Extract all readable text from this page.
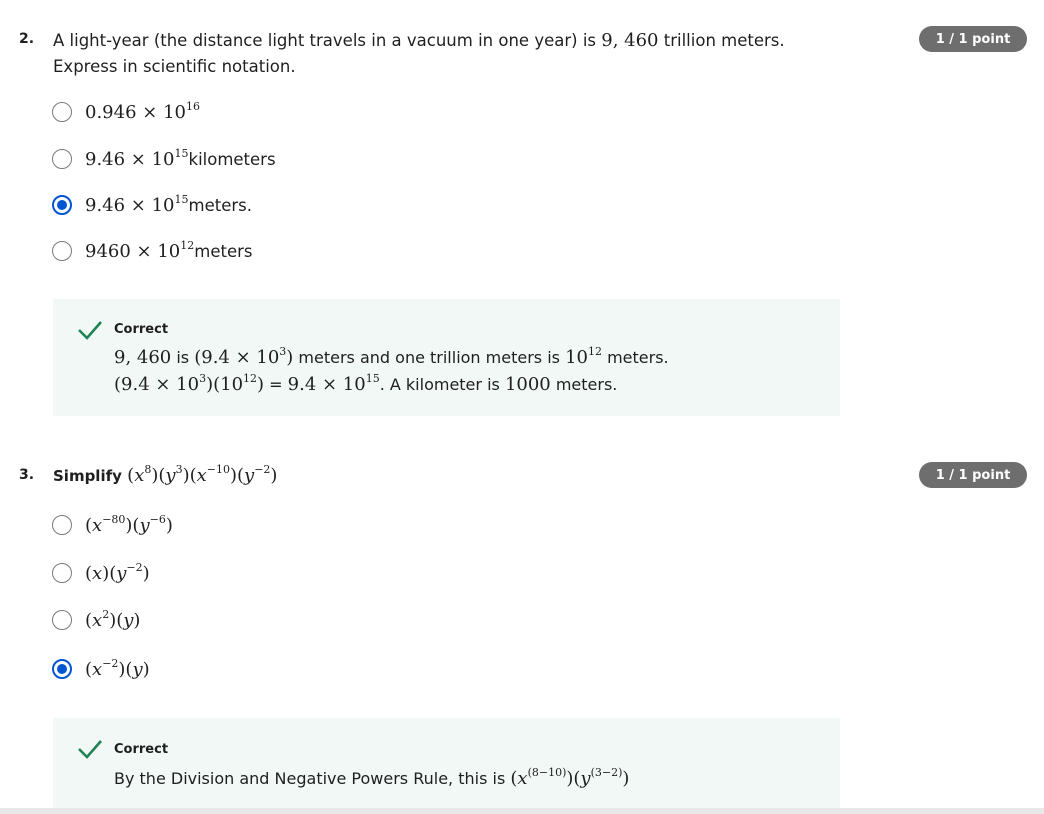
2. A light-year (the distance light travels in a vacuum in one year) is 9, 460 trillion meters.
Express in scientific notation.
1 / 1 point
$0.946 \times 10^{16}$
$9.46 \times 10^{15}$ kilometers
$9.46 \times 10^{15}$ meters.
$9460 \times 10^{12}$ meters
Correct
9, 460 is $(9.4 \times 10^3)$ meters and one trillion meters is $10^{12}$ meters.
$(9.4 \times 10^3)(10^{12}) = 9.4 \times 10^{15}$. A kilometer is 1000 meters.
3. Simplify $(x^8)(y^3)(x^{-10})(y^{-2})$	1 / 1 point
$(x^{-80})(y^{-6})$
$(x)(y^{-2})$
$(x^2)(y)$
$(x^{-2})(y)$
Correct
By the Division and Negative Powers Rule, this is $(x^{(8-10)})(y^{(3-2)})$
